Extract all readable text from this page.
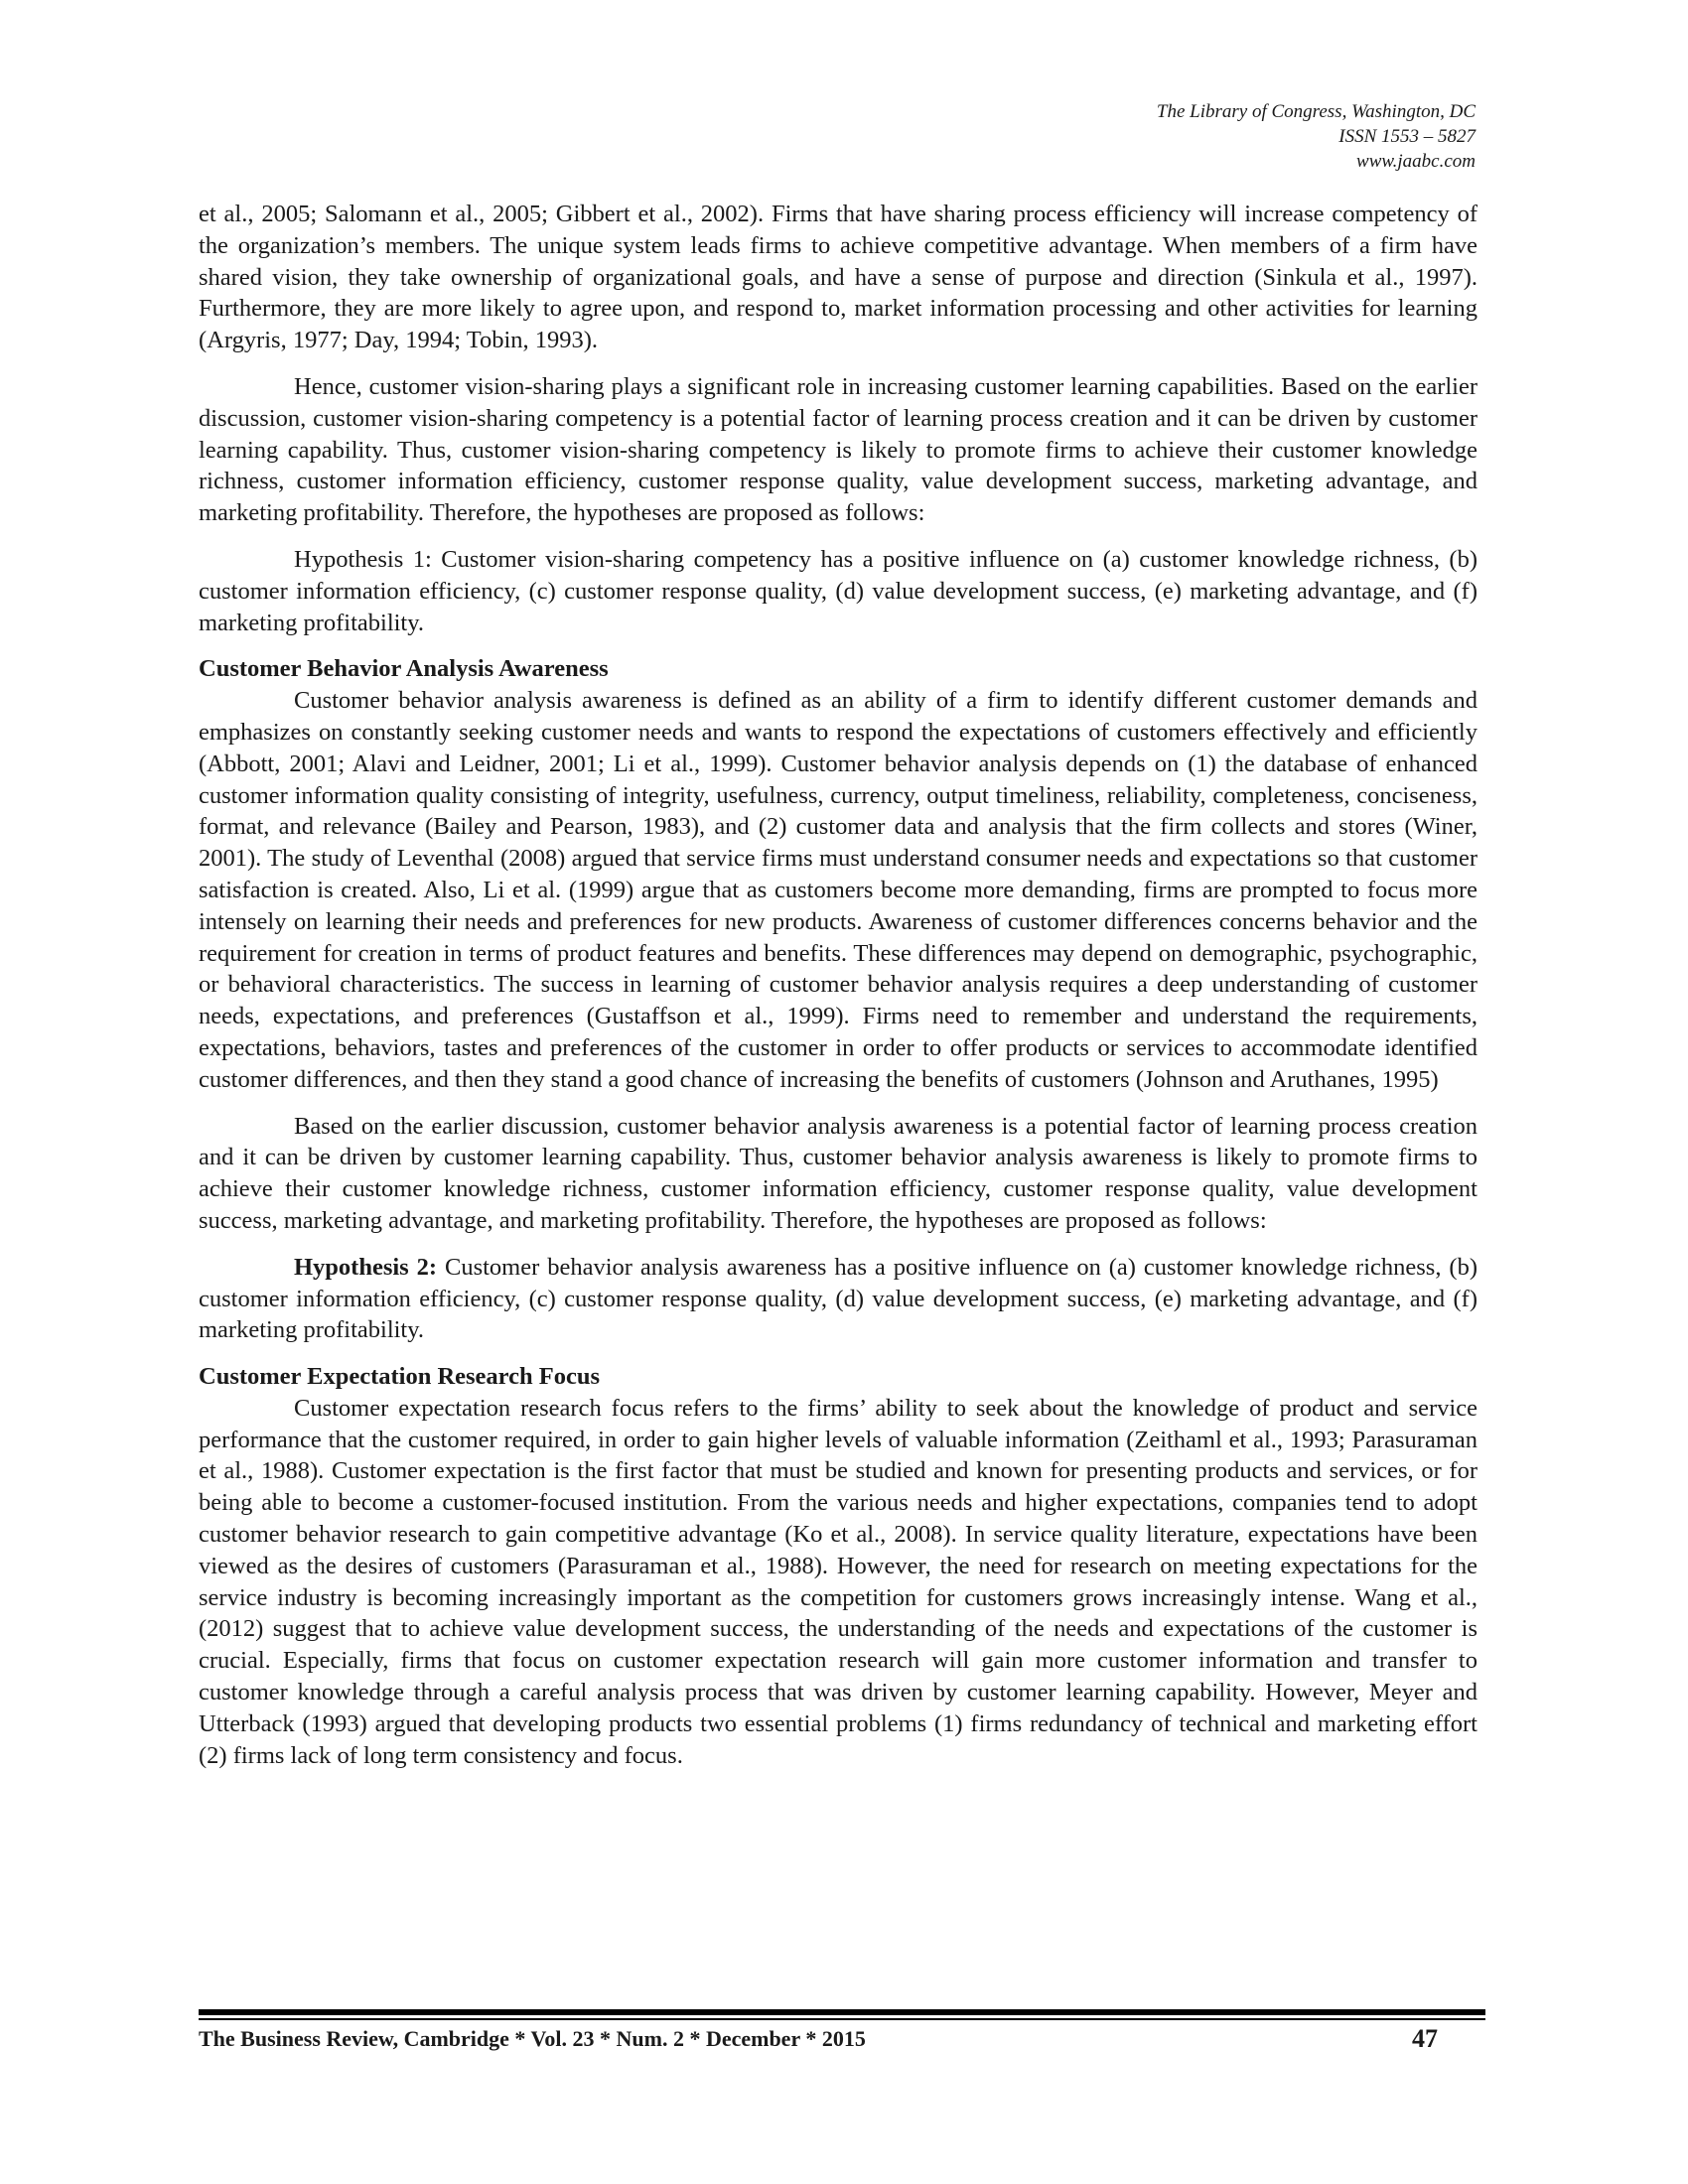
The Library of Congress, Washington, DC
ISSN 1553 – 5827
www.jaabc.com

et al., 2005; Salomann et al., 2005; Gibbert et al., 2002). Firms that have sharing process efficiency will increase competency of the organization’s members. The unique system leads firms to achieve competitive advantage. When members of a firm have shared vision, they take ownership of organizational goals, and have a sense of purpose and direction (Sinkula et al., 1997). Furthermore, they are more likely to agree upon, and respond to, market information processing and other activities for learning (Argyris, 1977; Day, 1994; Tobin, 1993).

Hence, customer vision-sharing plays a significant role in increasing customer learning capabilities. Based on the earlier discussion, customer vision-sharing competency is a potential factor of learning process creation and it can be driven by customer learning capability. Thus, customer vision-sharing competency is likely to promote firms to achieve their customer knowledge richness, customer information efficiency, customer response quality, value development success, marketing advantage, and marketing profitability. Therefore, the hypotheses are proposed as follows:

Hypothesis 1: Customer vision-sharing competency has a positive influence on (a) customer knowledge richness, (b) customer information efficiency, (c) customer response quality, (d) value development success, (e) marketing advantage, and (f) marketing profitability.

Customer Behavior Analysis Awareness

Customer behavior analysis awareness is defined as an ability of a firm to identify different customer demands and emphasizes on constantly seeking customer needs and wants to respond the expectations of customers effectively and efficiently (Abbott, 2001; Alavi and Leidner, 2001; Li et al., 1999). Customer behavior analysis depends on (1) the database of enhanced customer information quality consisting of integrity, usefulness, currency, output timeliness, reliability, completeness, conciseness, format, and relevance (Bailey and Pearson, 1983), and (2) customer data and analysis that the firm collects and stores (Winer, 2001). The study of Leventhal (2008) argued that service firms must understand consumer needs and expectations so that customer satisfaction is created. Also, Li et al. (1999) argue that as customers become more demanding, firms are prompted to focus more intensely on learning their needs and preferences for new products. Awareness of customer differences concerns behavior and the requirement for creation in terms of product features and benefits. These differences may depend on demographic, psychographic, or behavioral characteristics. The success in learning of customer behavior analysis requires a deep understanding of customer needs, expectations, and preferences (Gustaffson et al., 1999). Firms need to remember and understand the requirements, expectations, behaviors, tastes and preferences of the customer in order to offer products or services to accommodate identified customer differences, and then they stand a good chance of increasing the benefits of customers (Johnson and Aruthanes, 1995)

Based on the earlier discussion, customer behavior analysis awareness is a potential factor of learning process creation and it can be driven by customer learning capability. Thus, customer behavior analysis awareness is likely to promote firms to achieve their customer knowledge richness, customer information efficiency, customer response quality, value development success, marketing advantage, and marketing profitability. Therefore, the hypotheses are proposed as follows:

Hypothesis 2: Customer behavior analysis awareness has a positive influence on (a) customer knowledge richness, (b) customer information efficiency, (c) customer response quality, (d) value development success, (e) marketing advantage, and (f) marketing profitability.

Customer Expectation Research Focus

Customer expectation research focus refers to the firms’ ability to seek about the knowledge of product and service performance that the customer required, in order to gain higher levels of valuable information (Zeithaml et al., 1993; Parasuraman et al., 1988). Customer expectation is the first factor that must be studied and known for presenting products and services, or for being able to become a customer-focused institution. From the various needs and higher expectations, companies tend to adopt customer behavior research to gain competitive advantage (Ko et al., 2008). In service quality literature, expectations have been viewed as the desires of customers (Parasuraman et al., 1988). However, the need for research on meeting expectations for the service industry is becoming increasingly important as the competition for customers grows increasingly intense. Wang et al., (2012) suggest that to achieve value development success, the understanding of the needs and expectations of the customer is crucial. Especially, firms that focus on customer expectation research will gain more customer information and transfer to customer knowledge through a careful analysis process that was driven by customer learning capability. However, Meyer and Utterback (1993) argued that developing products two essential problems (1) firms redundancy of technical and marketing effort (2) firms lack of long term consistency and focus.

The Business Review, Cambridge * Vol. 23 * Num. 2 * December * 2015	47
